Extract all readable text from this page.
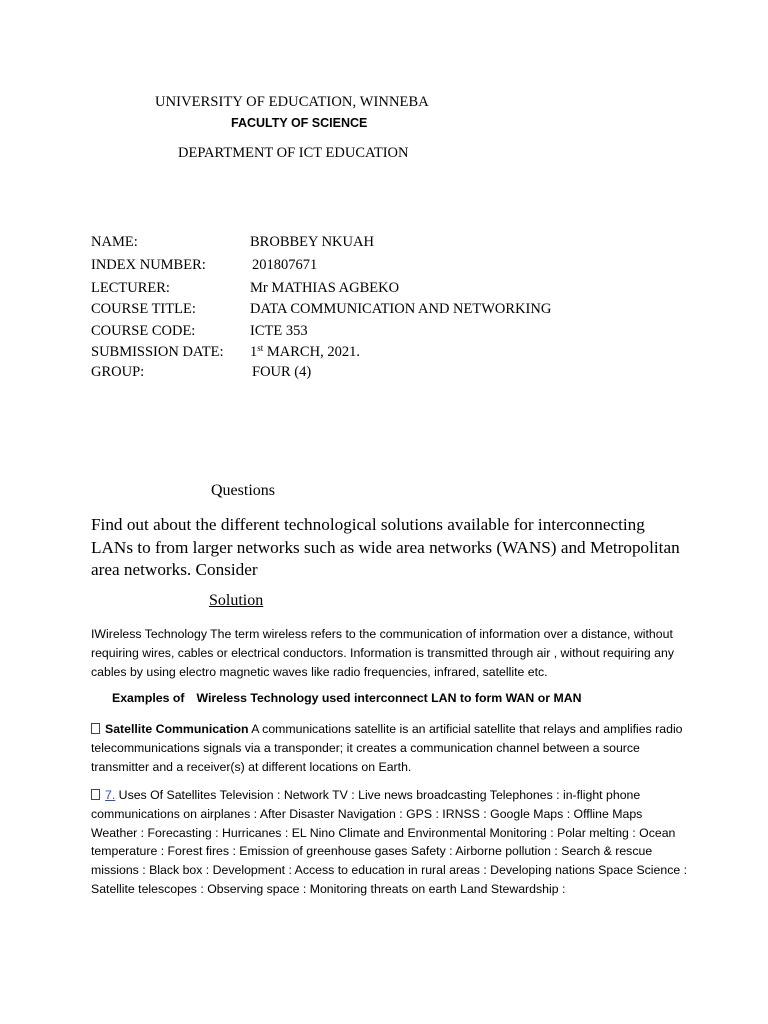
UNIVERSITY OF EDUCATION, WINNEBA
FACULTY OF SCIENCE
DEPARTMENT OF ICT EDUCATION
NAME:	BROBBEY NKUAH
INDEX NUMBER:	201807671
LECTURER:	Mr MATHIAS AGBEKO
COURSE TITLE:	DATA COMMUNICATION AND NETWORKING
COURSE CODE:	ICTE 353
SUBMISSION DATE: 1st MARCH, 2021.
GROUP:	FOUR (4)
Questions
Find out about the different technological solutions available for interconnecting LANs to from larger networks such as wide area networks (WANS) and Metropolitan area networks. Consider
Solution
IWireless Technology The term wireless refers to the communication of information over a distance, without requiring wires, cables or electrical conductors. Information is transmitted through air , without requiring any cables by using electro magnetic waves like radio frequencies, infrared, satellite etc.
Examples of Wireless Technology used interconnect LAN to form WAN or MAN
Satellite Communication A communications satellite is an artificial satellite that relays and amplifies radio telecommunications signals via a transponder; it creates a communication channel between a source transmitter and a receiver(s) at different locations on Earth.
7. Uses Of Satellites Television : Network TV : Live news broadcasting Telephones : in-flight phone communications on airplanes : After Disaster Navigation : GPS : IRNSS : Google Maps : Offline Maps Weather : Forecasting : Hurricanes : EL Nino Climate and Environmental Monitoring : Polar melting : Ocean temperature : Forest fires : Emission of greenhouse gases Safety : Airborne pollution : Search & rescue missions : Black box : Development : Access to education in rural areas : Developing nations Space Science : Satellite telescopes : Observing space : Monitoring threats on earth Land Stewardship :
